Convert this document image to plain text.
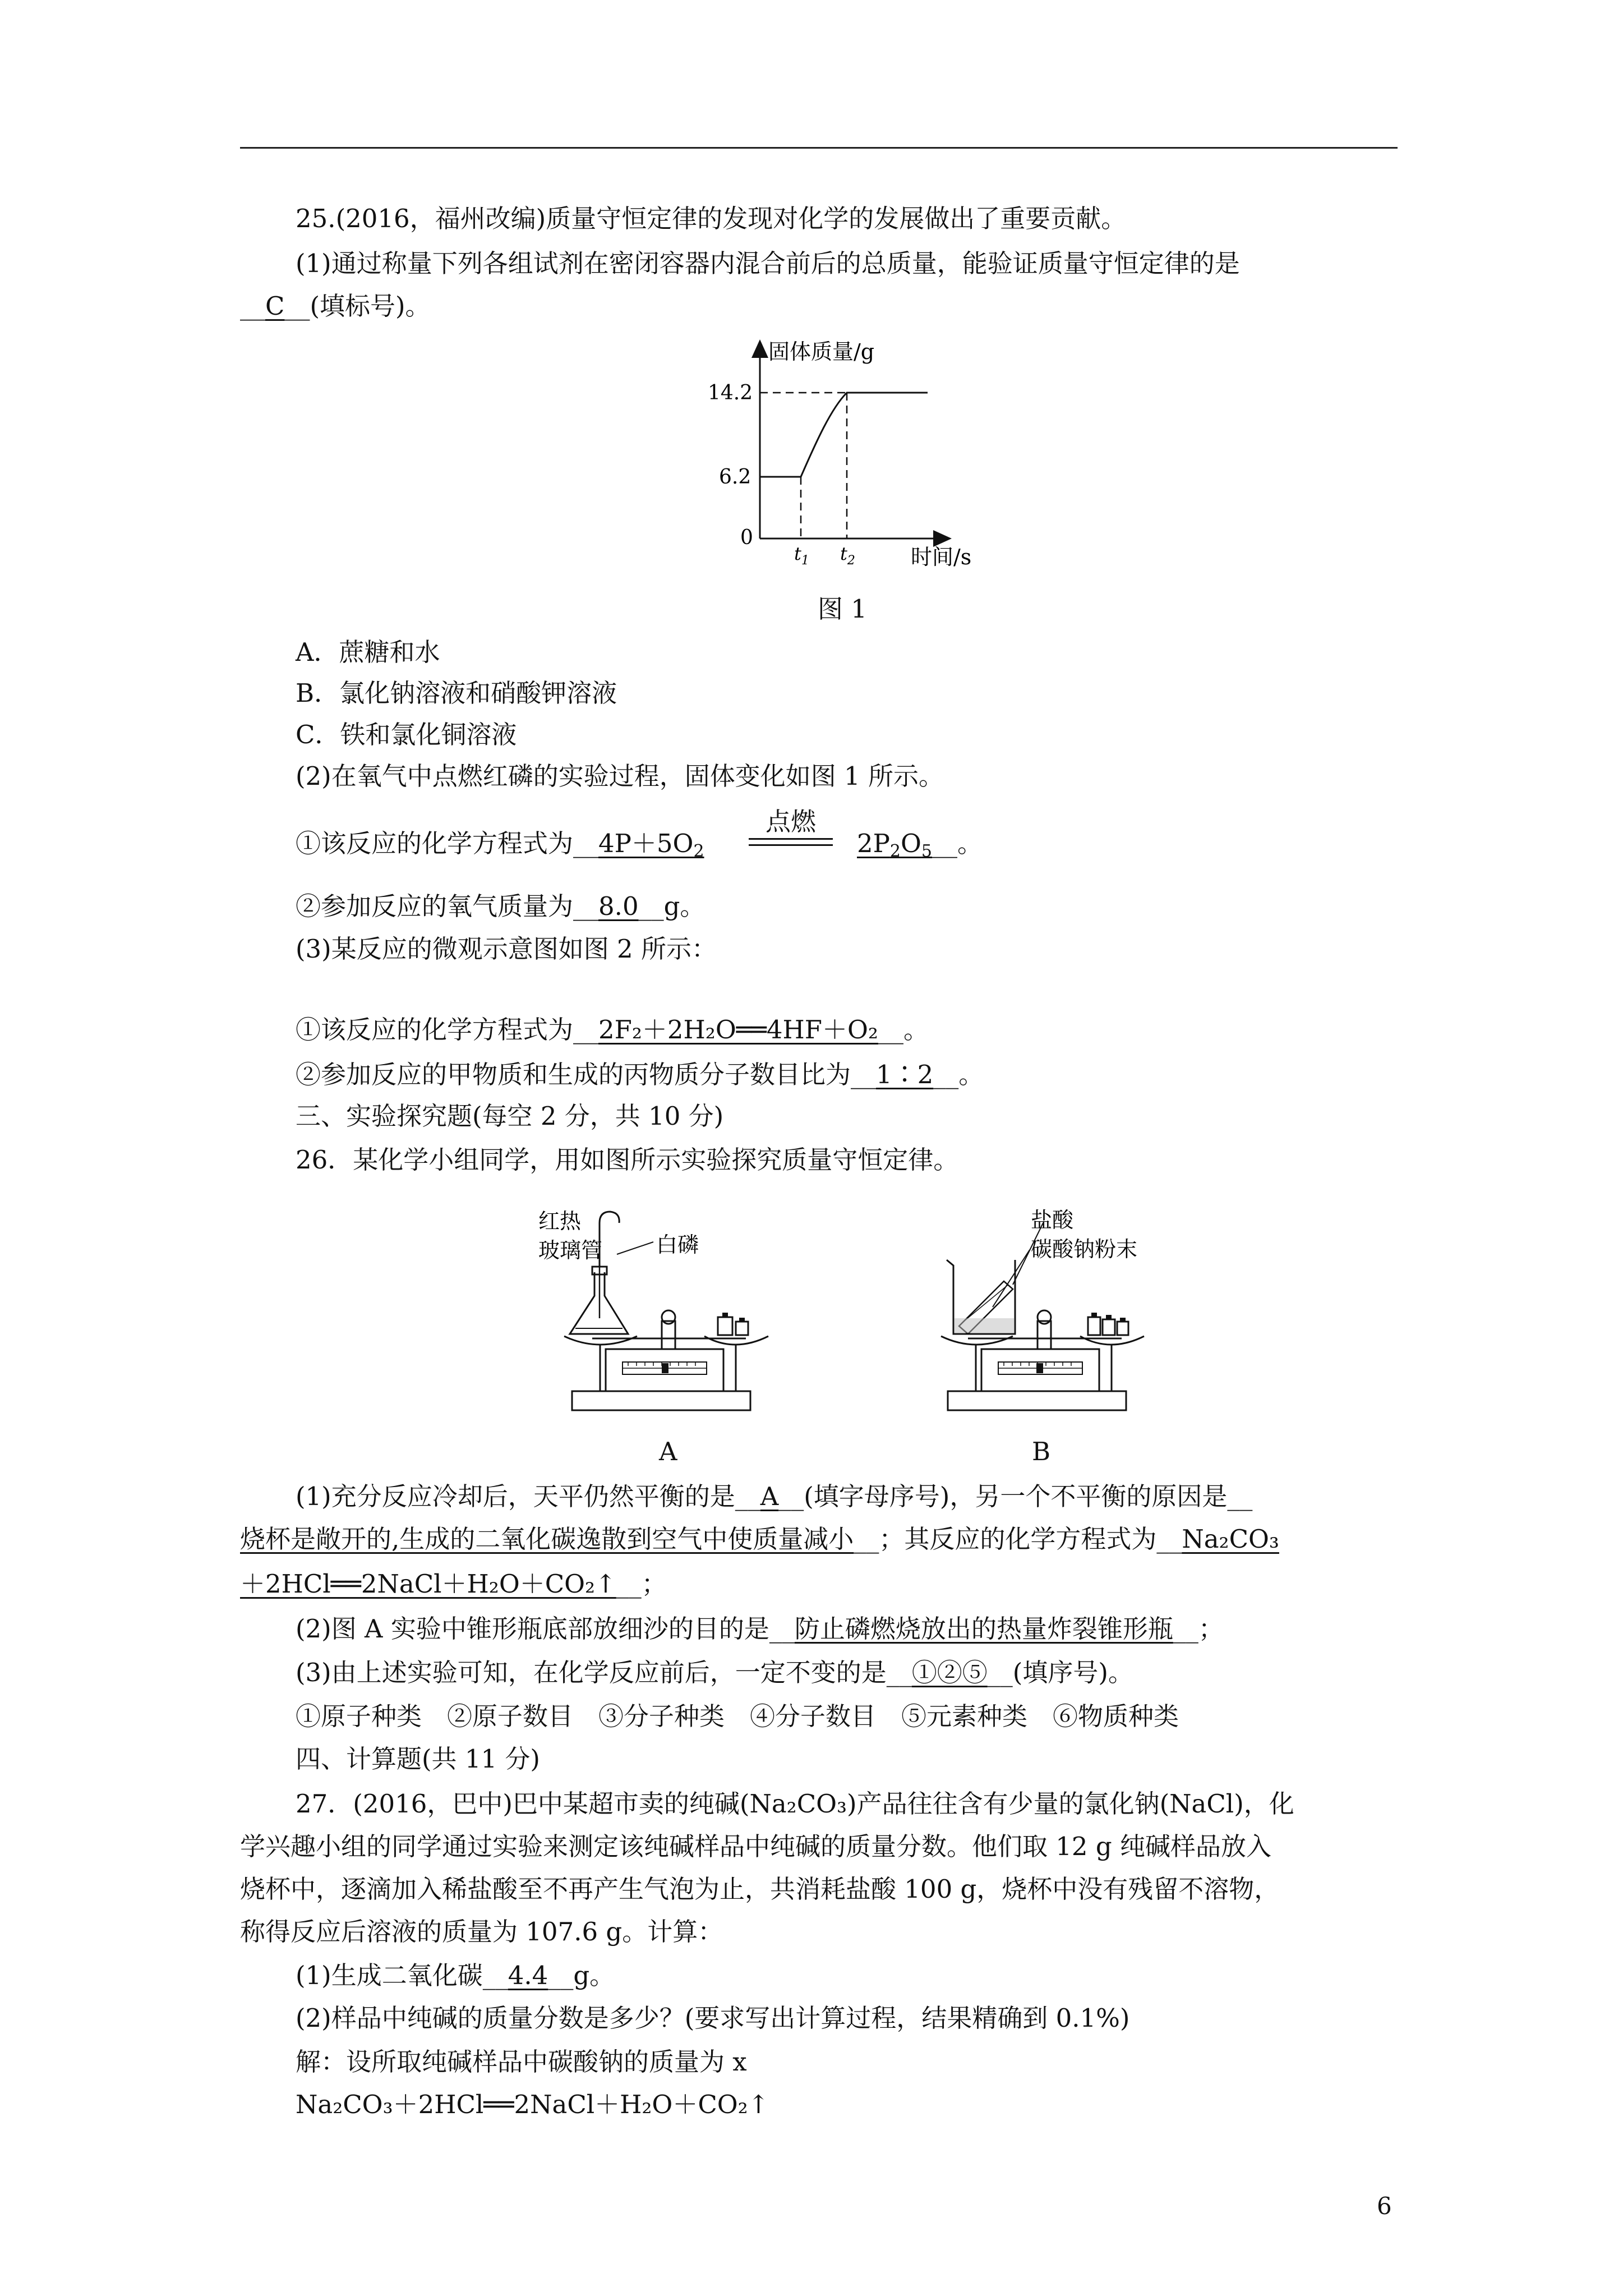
25.(2016，福州改编)质量守恒定律的发现对化学的发展做出了重要贡献。
(1)通过称量下列各组试剂在密闭容器内混合前后的总质量，能验证质量守恒定律的是
__C__(填标号)。
固体质量/g
14.2
6.2
0
$t_1$ $t_2$	时间/s
图 1
A．蔗糖和水
B．氯化钠溶液和硝酸钾溶液
C．铁和氯化铜溶液
(2)在氧气中点燃红磷的实验过程，固体变化如图 1 所示。
①该反应的化学方程式为$\_\_4P+5O_2$
点燃
$2P_2O_5\_\_$。
②参加反应的氧气质量为__8.0__g。
(3)某反应的微观示意图如图 2 所示：
①该反应的化学方程式为__2F₂＋2H₂O══4HF＋O₂__。
②参加反应的甲物质和生成的丙物质分子数目比为__1∶2__。
三、实验探究题(每空 2 分，共 10 分)
26．某化学小组同学，用如图所示实验探究质量守恒定律。
红热
玻璃管	白磷
A
盐酸
碳酸钠粉末
B
(1)充分反应冷却后，天平仍然平衡的是__A__(填字母序号)，另一个不平衡的原因是__
烧杯是敞开的,生成的二氧化碳逸散到空气中使质量减小__；其反应的化学方程式为__Na₂CO₃
＋2HCl══2NaCl＋H₂O＋CO₂↑__；
(2)图 A 实验中锥形瓶底部放细沙的目的是__防止磷燃烧放出的热量炸裂锥形瓶__；
(3)由上述实验可知，在化学反应前后，一定不变的是__①②⑤__(填序号)。
①原子种类　②原子数目　③分子种类　④分子数目　⑤元素种类　⑥物质种类
四、计算题(共 11 分)
27．(2016，巴中)巴中某超市卖的纯碱(Na₂CO₃)产品往往含有少量的氯化钠(NaCl)，化
学兴趣小组的同学通过实验来测定该纯碱样品中纯碱的质量分数。他们取 12 g 纯碱样品放入
烧杯中，逐滴加入稀盐酸至不再产生气泡为止，共消耗盐酸 100 g，烧杯中没有残留不溶物，
称得反应后溶液的质量为 107.6 g。计算：
(1)生成二氧化碳__4.4__g。
(2)样品中纯碱的质量分数是多少？(要求写出计算过程，结果精确到 0.1%)
解：设所取纯碱样品中碳酸钠的质量为 x
Na₂CO₃＋2HCl══2NaCl＋H₂O＋CO₂↑
6
